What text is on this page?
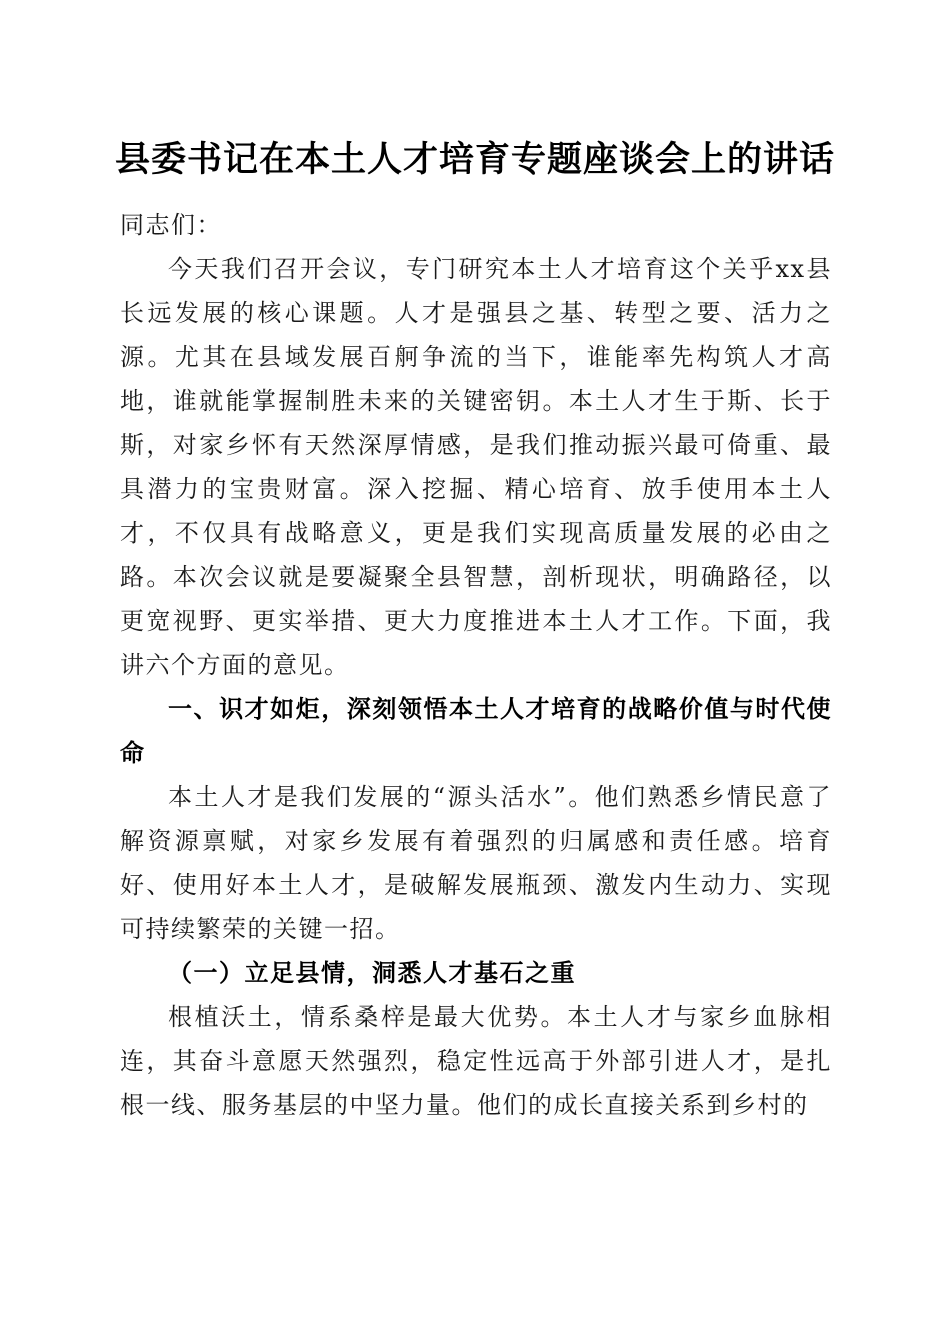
县委书记在本土人才培育专题座谈会上的讲话

同志们：

今天我们召开会议，专门研究本土人才培育这个关乎xx县长远发展的核心课题。人才是强县之基、转型之要、活力之源。尤其在县域发展百舸争流的当下，谁能率先构筑人才高地，谁就能掌握制胜未来的关键密钥。本土人才生于斯、长于斯，对家乡怀有天然深厚情感，是我们推动振兴最可倚重、最具潜力的宝贵财富。深入挖掘、精心培育、放手使用本土人才，不仅具有战略意义，更是我们实现高质量发展的必由之路。本次会议就是要凝聚全县智慧，剖析现状，明确路径，以更宽视野、更实举措、更大力度推进本土人才工作。下面，我讲六个方面的意见。

一、识才如炬，深刻领悟本土人才培育的战略价值与时代使命

本土人才是我们发展的“源头活水”。他们熟悉乡情民意了解资源禀赋，对家乡发展有着强烈的归属感和责任感。培育好、使用好本土人才，是破解发展瓶颈、激发内生动力、实现可持续繁荣的关键一招。

（一）立足县情，洞悉人才基石之重

根植沃土，情系桑梓是最大优势。本土人才与家乡血脉相连，其奋斗意愿天然强烈，稳定性远高于外部引进人才，是扎根一线、服务基层的中坚力量。他们的成长直接关系到乡村的
